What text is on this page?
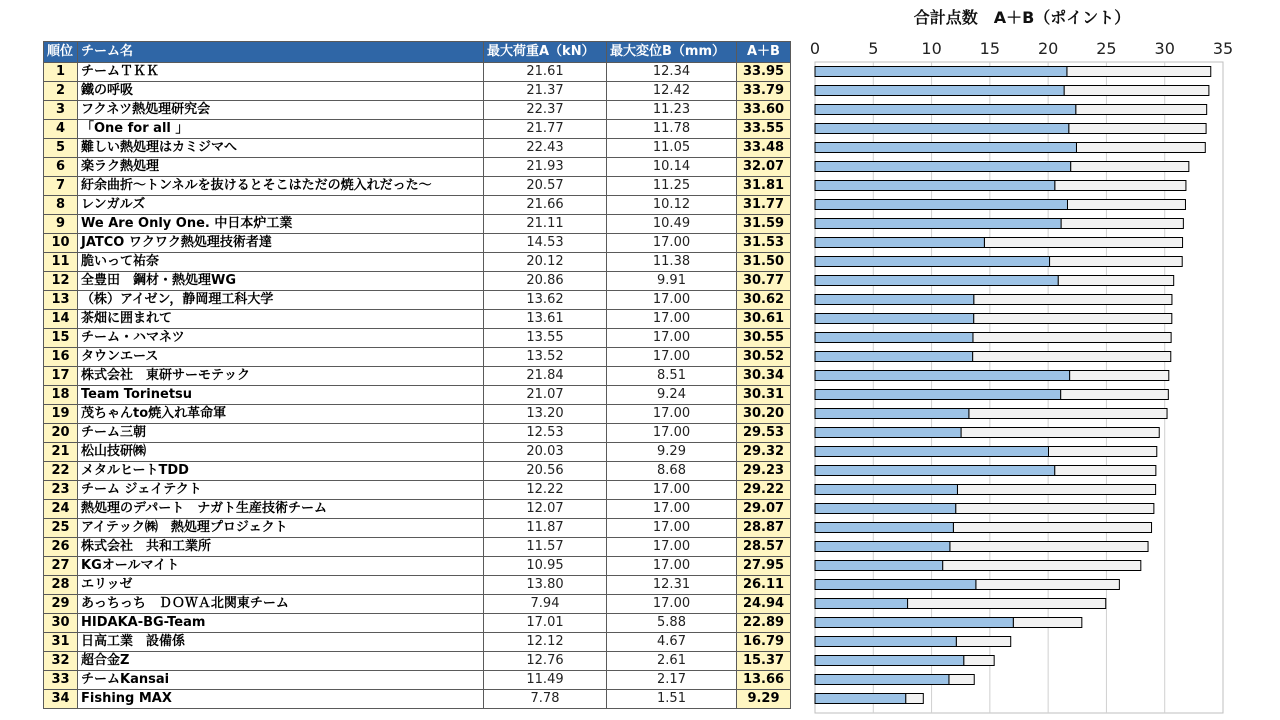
順位	チーム名	最大荷重A（kN）	最大変位B（mm）	A＋B
1	チームＴＫＫ	21.61	12.34	33.95
2	鐵の呼吸	21.37	12.42	33.79
3	フクネツ熱処理研究会	22.37	11.23	33.60
4	「One for all 」	21.77	11.78	33.55
5	難しい熱処理はカミジマへ	22.43	11.05	33.48
6	楽ラク熱処理	21.93	10.14	32.07
7	紆余曲折～トンネルを抜けるとそこはただの焼入れだった～	20.57	11.25	31.81
8	レンガルズ	21.66	10.12	31.77
9	We Are Only One. 中日本炉工業	21.11	10.49	31.59
10	JATCO ワクワク熱処理技術者達	14.53	17.00	31.53
11	脆いって祐奈	20.12	11.38	31.50
12	全豊田　鋼材・熱処理WG	20.86	9.91	30.77
13	（株）アイゼン，静岡理工科大学	13.62	17.00	30.62
14	茶畑に囲まれて	13.61	17.00	30.61
15	チーム・ハマネツ	13.55	17.00	30.55
16	タウンエース	13.52	17.00	30.52
17	株式会社　東研サーモテック	21.84	8.51	30.34
18	Team Torinetsu	21.07	9.24	30.31
19	茂ちゃんto焼入れ革命軍	13.20	17.00	30.20
20	チーム三朝	12.53	17.00	29.53
21	松山技研㈱	20.03	9.29	29.32
22	メタルヒートTDD	20.56	8.68	29.23
23	チーム ジェイテクト	12.22	17.00	29.22
24	熱処理のデパート　ナガト生産技術チーム	12.07	17.00	29.07
25	アイテック㈱　熱処理プロジェクト	11.87	17.00	28.87
26	株式会社　共和工業所	11.57	17.00	28.57
27	KGオールマイト	10.95	17.00	27.95
28	エリッゼ	13.80	12.31	26.11
29	あっちっち　ＤＯＷＡ北関東チーム	7.94	17.00	24.94
30	HIDAKA-BG-Team	17.01	5.88	22.89
31	日高工業　設備係	12.12	4.67	16.79
32	超合金Z	12.76	2.61	15.37
33	チームKansai	11.49	2.17	13.66
34	Fishing MAX	7.78	1.51	9.29
合計点数　A＋B（ポイント）
0	5	10 15 20 25 30 35
